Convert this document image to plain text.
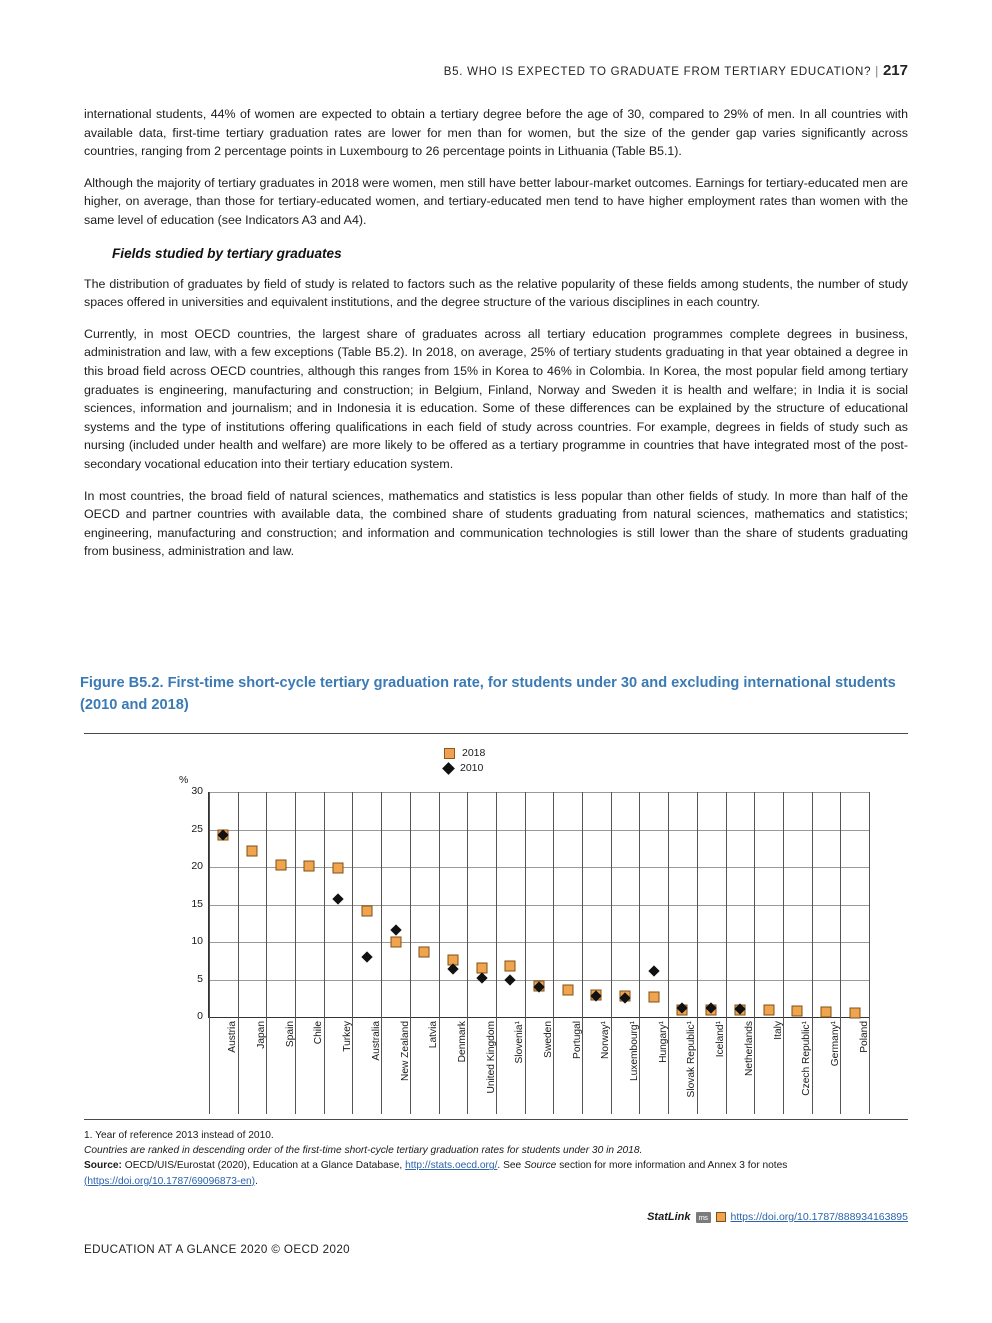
B5. WHO IS EXPECTED TO GRADUATE FROM TERTIARY EDUCATION? | 217

international students, 44% of women are expected to obtain a tertiary degree before the age of 30, compared to 29% of men. In all countries with available data, first-time tertiary graduation rates are lower for men than for women, but the size of the gender gap varies significantly across countries, ranging from 2 percentage points in Luxembourg to 26 percentage points in Lithuania (Table B5.1).

Although the majority of tertiary graduates in 2018 were women, men still have better labour-market outcomes. Earnings for tertiary-educated men are higher, on average, than those for tertiary-educated women, and tertiary-educated men tend to have higher employment rates than women with the same level of education (see Indicators A3 and A4).

Fields studied by tertiary graduates

The distribution of graduates by field of study is related to factors such as the relative popularity of these fields among students, the number of study spaces offered in universities and equivalent institutions, and the degree structure of the various disciplines in each country.

Currently, in most OECD countries, the largest share of graduates across all tertiary education programmes complete degrees in business, administration and law, with a few exceptions (Table B5.2). In 2018, on average, 25% of tertiary students graduating in that year obtained a degree in this broad field across OECD countries, although this ranges from 15% in Korea to 46% in Colombia. In Korea, the most popular field among tertiary graduates is engineering, manufacturing and construction; in Belgium, Finland, Norway and Sweden it is health and welfare; in India it is social sciences, information and journalism; and in Indonesia it is education. Some of these differences can be explained by the structure of educational systems and the type of institutions offering qualifications in each field of study across countries. For example, degrees in fields of study such as nursing (included under health and welfare) are more likely to be offered as a tertiary programme in countries that have integrated most of the post-secondary vocational education into their tertiary education system.

In most countries, the broad field of natural sciences, mathematics and statistics is less popular than other fields of study. In more than half of the OECD and partner countries with available data, the combined share of students graduating from natural sciences, mathematics and statistics; engineering, manufacturing and construction; and information and communication technologies is still lower than the share of students graduating from business, administration and law.

Figure B5.2. First-time short-cycle tertiary graduation rate, for students under 30 and excluding international students (2010 and 2018)
2018
2010
%
0
5
10
15
20
25
30
Austria Japan Spain Chile Turkey Australia New Zealand Latvia Denmark United Kingdom Slovenia¹ Sweden Portugal Norway¹ Luxembourg¹ Hungary¹ Slovak Republic¹ Iceland¹ Netherlands Italy Czech Republic¹ Germany¹ Poland
1. Year of reference 2013 instead of 2010.
Countries are ranked in descending order of the first-time short-cycle tertiary graduation rates for students under 30 in 2018.
Source: OECD/UIS/Eurostat (2020), Education at a Glance Database, http://stats.oecd.org/. See Source section for more information and Annex 3 for notes (https://doi.org/10.1787/69096873-en).
StatLink	ms https://doi.org/10.1787/888934163895
EDUCATION AT A GLANCE 2020 © OECD 2020
